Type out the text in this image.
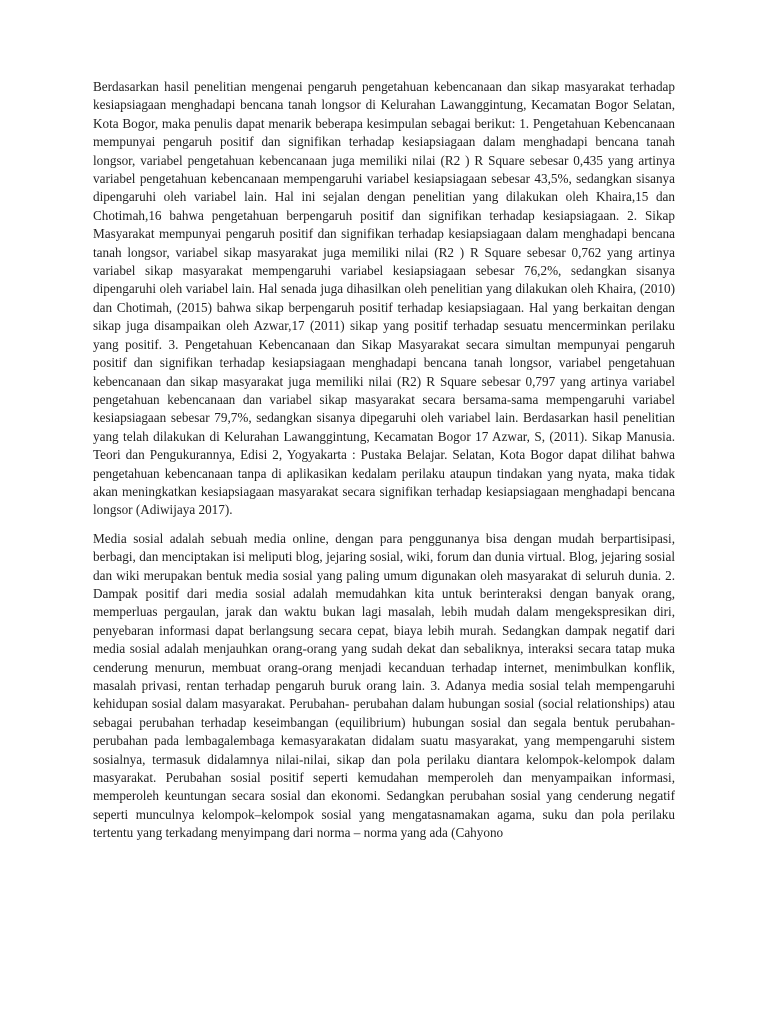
Berdasarkan hasil penelitian mengenai pengaruh pengetahuan kebencanaan dan sikap masyarakat terhadap kesiapsiagaan menghadapi bencana tanah longsor di Kelurahan Lawanggintung, Kecamatan Bogor Selatan, Kota Bogor, maka penulis dapat menarik beberapa kesimpulan sebagai berikut: 1. Pengetahuan Kebencanaan mempunyai pengaruh positif dan signifikan terhadap kesiapsiagaan dalam menghadapi bencana tanah longsor, variabel pengetahuan kebencanaan juga memiliki nilai (R2 ) R Square sebesar 0,435 yang artinya variabel pengetahuan kebencanaan mempengaruhi variabel kesiapsiagaan sebesar 43,5%, sedangkan sisanya dipengaruhi oleh variabel lain. Hal ini sejalan dengan penelitian yang dilakukan oleh Khaira,15 dan Chotimah,16 bahwa pengetahuan berpengaruh positif dan signifikan terhadap kesiapsiagaan. 2. Sikap Masyarakat mempunyai pengaruh positif dan signifikan terhadap kesiapsiagaan dalam menghadapi bencana tanah longsor, variabel sikap masyarakat juga memiliki nilai (R2 ) R Square sebesar 0,762 yang artinya variabel sikap masyarakat mempengaruhi variabel kesiapsiagaan sebesar 76,2%, sedangkan sisanya dipengaruhi oleh variabel lain. Hal senada juga dihasilkan oleh penelitian yang dilakukan oleh Khaira, (2010) dan Chotimah, (2015) bahwa sikap berpengaruh positif terhadap kesiapsiagaan. Hal yang berkaitan dengan sikap juga disampaikan oleh Azwar,17 (2011) sikap yang positif terhadap sesuatu mencerminkan perilaku yang positif. 3. Pengetahuan Kebencanaan dan Sikap Masyarakat secara simultan mempunyai pengaruh positif dan signifikan terhadap kesiapsiagaan menghadapi bencana tanah longsor, variabel pengetahuan kebencanaan dan sikap masyarakat juga memiliki nilai (R2) R Square sebesar 0,797 yang artinya variabel pengetahuan kebencanaan dan variabel sikap masyarakat secara bersama-sama mempengaruhi variabel kesiapsiagaan sebesar 79,7%, sedangkan sisanya dipegaruhi oleh variabel lain. Berdasarkan hasil penelitian yang telah dilakukan di Kelurahan Lawanggintung, Kecamatan Bogor 17 Azwar, S, (2011). Sikap Manusia. Teori dan Pengukurannya, Edisi 2, Yogyakarta : Pustaka Belajar. Selatan, Kota Bogor dapat dilihat bahwa pengetahuan kebencanaan tanpa di aplikasikan kedalam perilaku ataupun tindakan yang nyata, maka tidak akan meningkatkan kesiapsiagaan masyarakat secara signifikan terhadap kesiapsiagaan menghadapi bencana longsor (Adiwijaya 2017).

Media sosial adalah sebuah media online, dengan para penggunanya bisa dengan mudah berpartisipasi, berbagi, dan menciptakan isi meliputi blog, jejaring sosial, wiki, forum dan dunia virtual. Blog, jejaring sosial dan wiki merupakan bentuk media sosial yang paling umum digunakan oleh masyarakat di seluruh dunia. 2. Dampak positif dari media sosial adalah memudahkan kita untuk berinteraksi dengan banyak orang, memperluas pergaulan, jarak dan waktu bukan lagi masalah, lebih mudah dalam mengekspresikan diri, penyebaran informasi dapat berlangsung secara cepat, biaya lebih murah. Sedangkan dampak negatif dari media sosial adalah menjauhkan orang-orang yang sudah dekat dan sebaliknya, interaksi secara tatap muka cenderung menurun, membuat orang-orang menjadi kecanduan terhadap internet, menimbulkan konflik, masalah privasi, rentan terhadap pengaruh buruk orang lain. 3. Adanya media sosial telah mempengaruhi kehidupan sosial dalam masyarakat. Perubahan- perubahan dalam hubungan sosial (social relationships) atau sebagai perubahan terhadap keseimbangan (equilibrium) hubungan sosial dan segala bentuk perubahan- perubahan pada lembagalembaga kemasyarakatan didalam suatu masyarakat, yang mempengaruhi sistem sosialnya, termasuk didalamnya nilai-nilai, sikap dan pola perilaku diantara kelompok-kelompok dalam masyarakat. Perubahan sosial positif seperti kemudahan memperoleh dan menyampaikan informasi, memperoleh keuntungan secara sosial dan ekonomi. Sedangkan perubahan sosial yang cenderung negatif seperti munculnya kelompok–kelompok sosial yang mengatasnamakan agama, suku dan pola perilaku tertentu yang terkadang menyimpang dari norma – norma yang ada (Cahyono
